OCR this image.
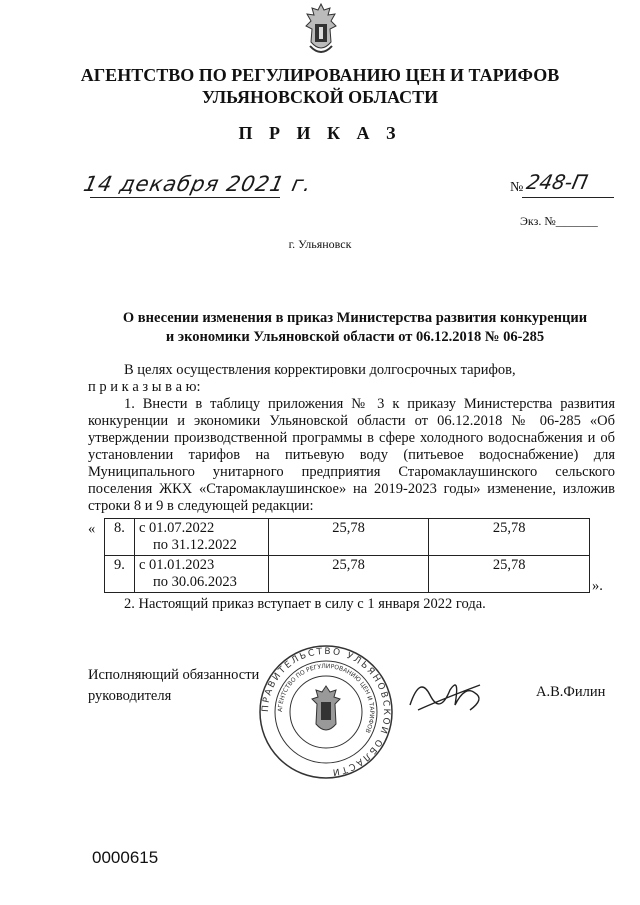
АГЕНТСТВО ПО РЕГУЛИРОВАНИЮ ЦЕН И ТАРИФОВ
УЛЬЯНОВСКОЙ ОБЛАСТИ
П Р И К А З
14 декабря 2021 г.	№ 248-П
Экз. №_______
г. Ульяновск
О внесении изменения в приказ Министерства развития конкуренции
и экономики Ульяновской области от 06.12.2018 № 06-285

В целях осуществления корректировки долгосрочных тарифов,

п р и к а з ы в а ю:

1. Внести в таблицу приложения № 3 к приказу Министерства развития конкуренции и экономики Ульяновской области от 06.12.2018 № 06-285 «Об утверждении производственной программы в сфере холодного водоснабжения и об установлении тарифов на питьевую воду (питьевое водоснабжение) для Муниципального унитарного предприятия Старомаклаушинского сельского поселения ЖКХ «Старомаклаушинское» на 2019-2023 годы» изменение, изложив строки 8 и 9 в следующей редакции:

« 8.	с 01.07.2022
по 31.12.2022	25,78	25,78
9.	с 01.01.2023
по 30.06.2023	25,78	25,78
».

2. Настоящий приказ вступает в силу с 1 января 2022 года.

Исполняющий обязанности
руководителя
ПРАВИТЕЛЬСТВО УЛЬЯНОВСКОЙ ОБЛАСТИ
АГЕНТСТВО ПО РЕГУЛИРОВАНИЮ ЦЕН И ТАРИФОВ
А.В.Филин
0000615
